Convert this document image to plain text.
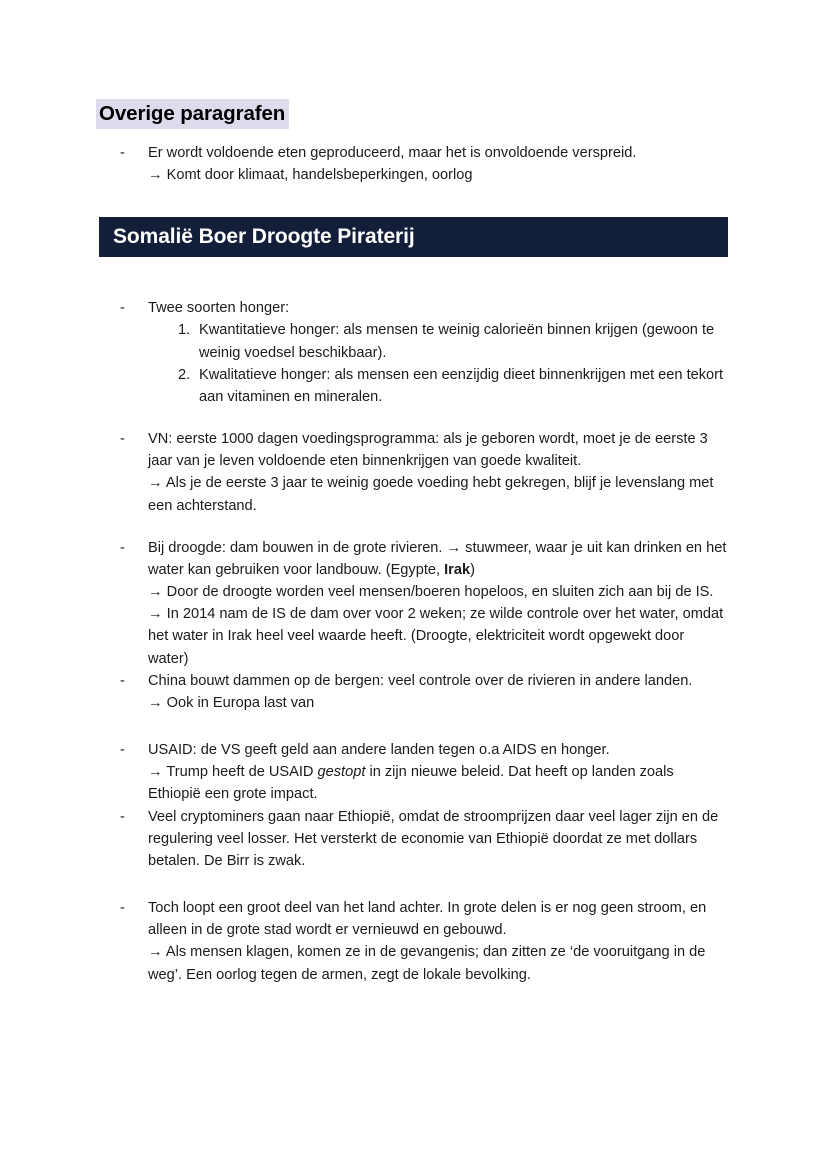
Overige paragrafen
- Er wordt voldoende eten geproduceerd, maar het is onvoldoende verspreid.

→ Komt door klimaat, handelsbeperkingen, oorlog

Somalië Boer Droogte Piraterij
- Twee soorten honger:

1. Kwantitatieve honger: als mensen te weinig calorieën binnen krijgen (gewoon te weinig voedsel beschikbaar).
2. Kwalitatieve honger: als mensen een eenzijdig dieet binnenkrijgen met een tekort aan vitaminen en mineralen.
- VN: eerste 1000 dagen voedingsprogramma: als je geboren wordt, moet je de eerste 3 jaar van je leven voldoende eten binnenkrijgen van goede kwaliteit.

→ Als je de eerste 3 jaar te weinig goede voeding hebt gekregen, blijf je levenslang met een achterstand.

- Bij droogde: dam bouwen in de grote rivieren. → stuwmeer, waar je uit kan drinken en het water kan gebruiken voor landbouw. (Egypte, Irak)

→ Door de droogte worden veel mensen/boeren hopeloos, en sluiten zich aan bij de IS.

→ In 2014 nam de IS de dam over voor 2 weken; ze wilde controle over het water, omdat het water in Irak heel veel waarde heeft. (Droogte, elektriciteit wordt opgewekt door water)

- China bouwt dammen op de bergen: veel controle over de rivieren in andere landen.

→ Ook in Europa last van

- USAID: de VS geeft geld aan andere landen tegen o.a AIDS en honger.

→ Trump heeft de USAID gestopt in zijn nieuwe beleid. Dat heeft op landen zoals Ethiopië een grote impact.

- Veel cryptominers gaan naar Ethiopië, omdat de stroomprijzen daar veel lager zijn en de regulering veel losser. Het versterkt de economie van Ethiopië doordat ze met dollars betalen. De Birr is zwak.

- Toch loopt een groot deel van het land achter. In grote delen is er nog geen stroom, en alleen in de grote stad wordt er vernieuwd en gebouwd.

→ Als mensen klagen, komen ze in de gevangenis; dan zitten ze ‘de vooruitgang in de weg’. Een oorlog tegen de armen, zegt de lokale bevolking.
